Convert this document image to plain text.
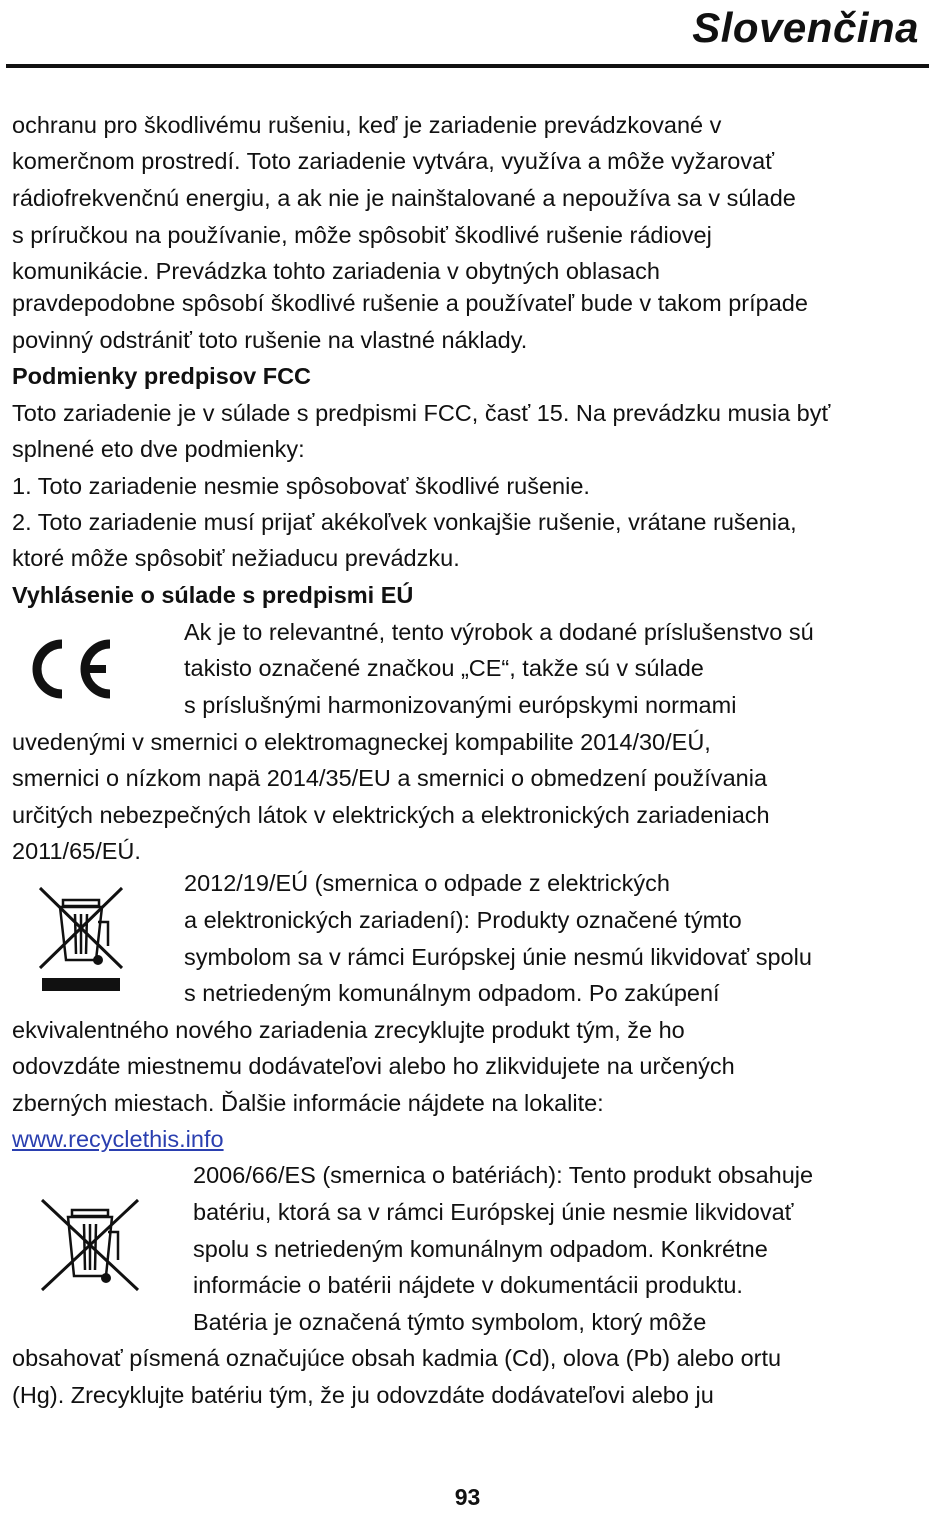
Slovenčina
ochranu pro škodlivému rušeniu, keď je zariadenie prevádzkované v
komerčnom prostredí. Toto zariadenie vytvára, využíva a môže vyžarovať
rádiofrekvenčnú energiu, a ak nie je nainštalované a nepoužíva sa v súlade
s príručkou na používanie, môže spôsobiť škodlivé rušenie rádiovej
komunikácie. Prevádzka tohto zariadenia v obytných oblasach
pravdepodobne spôsobí škodlivé rušenie a používateľ bude v takom prípade
povinný odstrániť toto rušenie na vlastné náklady.
Podmienky predpisov FCC
Toto zariadenie je v súlade s predpismi FCC, časť 15. Na prevádzku musia byť
splnené eto dve podmienky:
1. Toto zariadenie nesmie spôsobovať škodlivé rušenie.
2. Toto zariadenie musí prijať akékoľvek vonkajšie rušenie, vrátane rušenia,
ktoré môže spôsobiť nežiaducu prevádzku.
Vyhlásenie o súlade s predpismi EÚ
Ak je to relevantné, tento výrobok a dodané príslušenstvo sú
takisto označené značkou „CE“, takže sú v súlade
s príslušnými harmonizovanými európskymi normami
uvedenými v smernici o elektromagneckej kompabilite 2014/30/EÚ,
smernici o nízkom napä 2014/35/EU a smernici o obmedzení používania
určitých nebezpečných látok v elektrických a elektronických zariadeniach
2011/65/EÚ.
2012/19/EÚ (smernica o odpade z elektrických
a elektronických zariadení): Produkty označené týmto
symbolom sa v rámci Európskej únie nesmú likvidovať spolu
s netriedeným komunálnym odpadom. Po zakúpení
ekvivalentného nového zariadenia zrecyklujte produkt tým, že ho
odovzdáte miestnemu dodávateľovi alebo ho zlikvidujete na určených
zberných miestach. Ďalšie informácie nájdete na lokalite:
www.recyclethis.info
2006/66/ES (smernica o batériách): Tento produkt obsahuje
batériu, ktorá sa v rámci Európskej únie nesmie likvidovať
spolu s netriedeným komunálnym odpadom. Konkrétne
informácie o batérii nájdete v dokumentácii produktu.
Batéria je označená týmto symbolom, ktorý môže
obsahovať písmená označujúce obsah kadmia (Cd), olova (Pb) alebo ortu
(Hg). Zrecyklujte batériu tým, že ju odovzdáte dodávateľovi alebo ju
93
